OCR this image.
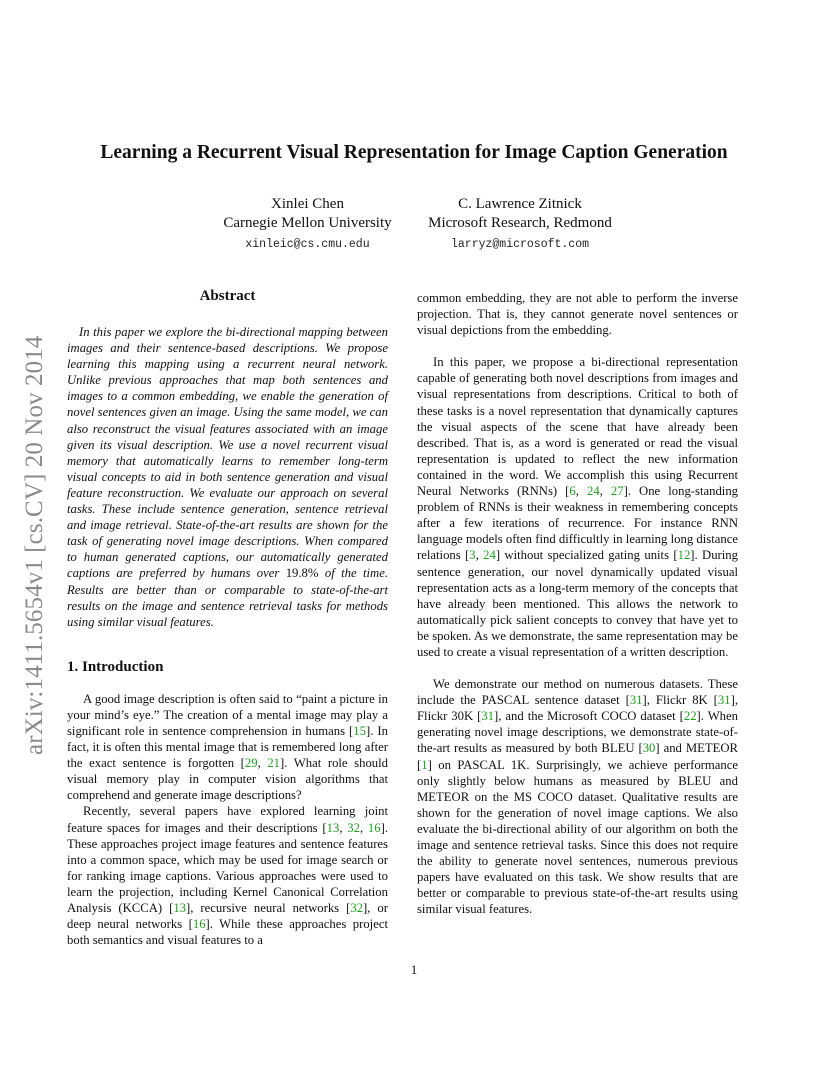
arXiv:1411.5654v1 [cs.CV] 20 Nov 2014
Learning a Recurrent Visual Representation for Image Caption Generation
Xinlei Chen
Carnegie Mellon University
xinleic@cs.cmu.edu
C. Lawrence Zitnick
Microsoft Research, Redmond
larryz@microsoft.com
Abstract

In this paper we explore the bi-directional mapping between images and their sentence-based descriptions. We propose learning this mapping using a recurrent neural network. Unlike previous approaches that map both sentences and images to a common embedding, we enable the generation of novel sentences given an image. Using the same model, we can also reconstruct the visual features associated with an image given its visual description. We use a novel recurrent visual memory that automatically learns to remember long-term visual concepts to aid in both sentence generation and visual feature reconstruction. We evaluate our approach on several tasks. These include sentence generation, sentence retrieval and image retrieval. State-of-the-art results are shown for the task of generating novel image descriptions. When compared to human generated captions, our automatically generated captions are preferred by humans over 19.8% of the time. Results are better than or comparable to state-of-the-art results on the image and sentence retrieval tasks for methods using similar visual features.

1. Introduction

A good image description is often said to “paint a picture in your mind’s eye.” The creation of a mental image may play a significant role in sentence comprehension in humans [15]. In fact, it is often this mental image that is remembered long after the exact sentence is forgotten [29, 21]. What role should visual memory play in computer vision algorithms that comprehend and generate image descriptions?

Recently, several papers have explored learning joint feature spaces for images and their descriptions [13, 32, 16]. These approaches project image features and sentence features into a common space, which may be used for image search or for ranking image captions. Various approaches were used to learn the projection, including Kernel Canonical Correlation Analysis (KCCA) [13], recursive neural networks [32], or deep neural networks [16]. While these approaches project both semantics and visual features to a

common embedding, they are not able to perform the inverse projection. That is, they cannot generate novel sentences or visual depictions from the embedding.

In this paper, we propose a bi-directional representation capable of generating both novel descriptions from images and visual representations from descriptions. Critical to both of these tasks is a novel representation that dynamically captures the visual aspects of the scene that have already been described. That is, as a word is generated or read the visual representation is updated to reflect the new information contained in the word. We accomplish this using Recurrent Neural Networks (RNNs) [6, 24, 27]. One long-standing problem of RNNs is their weakness in remembering concepts after a few iterations of recurrence. For instance RNN language models often find difficultly in learning long distance relations [3, 24] without specialized gating units [12]. During sentence generation, our novel dynamically updated visual representation acts as a long-term memory of the concepts that have already been mentioned. This allows the network to automatically pick salient concepts to convey that have yet to be spoken. As we demonstrate, the same representation may be used to create a visual representation of a written description.

We demonstrate our method on numerous datasets. These include the PASCAL sentence dataset [31], Flickr 8K [31], Flickr 30K [31], and the Microsoft COCO dataset [22]. When generating novel image descriptions, we demonstrate state-of-the-art results as measured by both BLEU [30] and METEOR [1] on PASCAL 1K. Surprisingly, we achieve performance only slightly below humans as measured by BLEU and METEOR on the MS COCO dataset. Qualitative results are shown for the generation of novel image captions. We also evaluate the bi-directional ability of our algorithm on both the image and sentence retrieval tasks. Since this does not require the ability to generate novel sentences, numerous previous papers have evaluated on this task. We show results that are better or comparable to previous state-of-the-art results using similar visual features.

1
